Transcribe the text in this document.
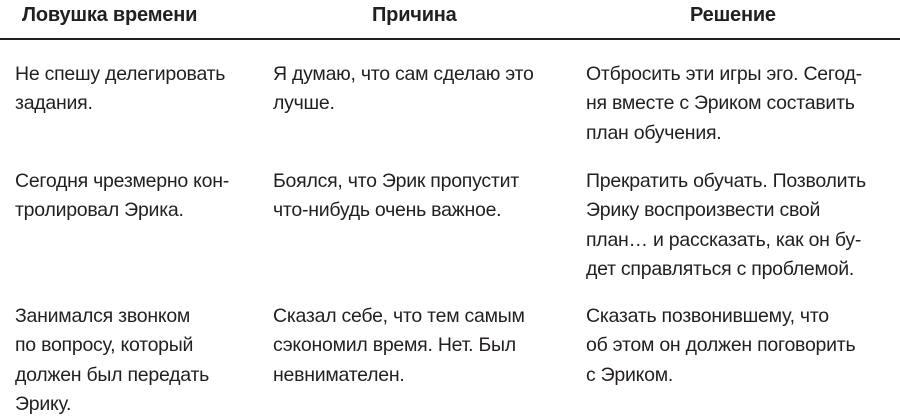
Ловушка времени	Причина	Решение
Не спешу делегировать
задания.
Я думаю, что сам сделаю это
лучше.
Отбросить эти игры эго. Сегод-
ня вместе с Эриком составить
план обучения.
Сегодня чрезмерно кон-
тролировал Эрика.
Боялся, что Эрик пропустит
что-нибудь очень важное.
Прекратить обучать. Позволить
Эрику воспроизвести свой
план… и рассказать, как он бу-
дет справляться с проблемой.
Занимался звонком
по вопросу, который
должен был передать
Эрику.
Сказал себе, что тем самым
сэкономил время. Нет. Был
невнимателен.
Сказать позвонившему, что
об этом он должен поговорить
с Эриком.
